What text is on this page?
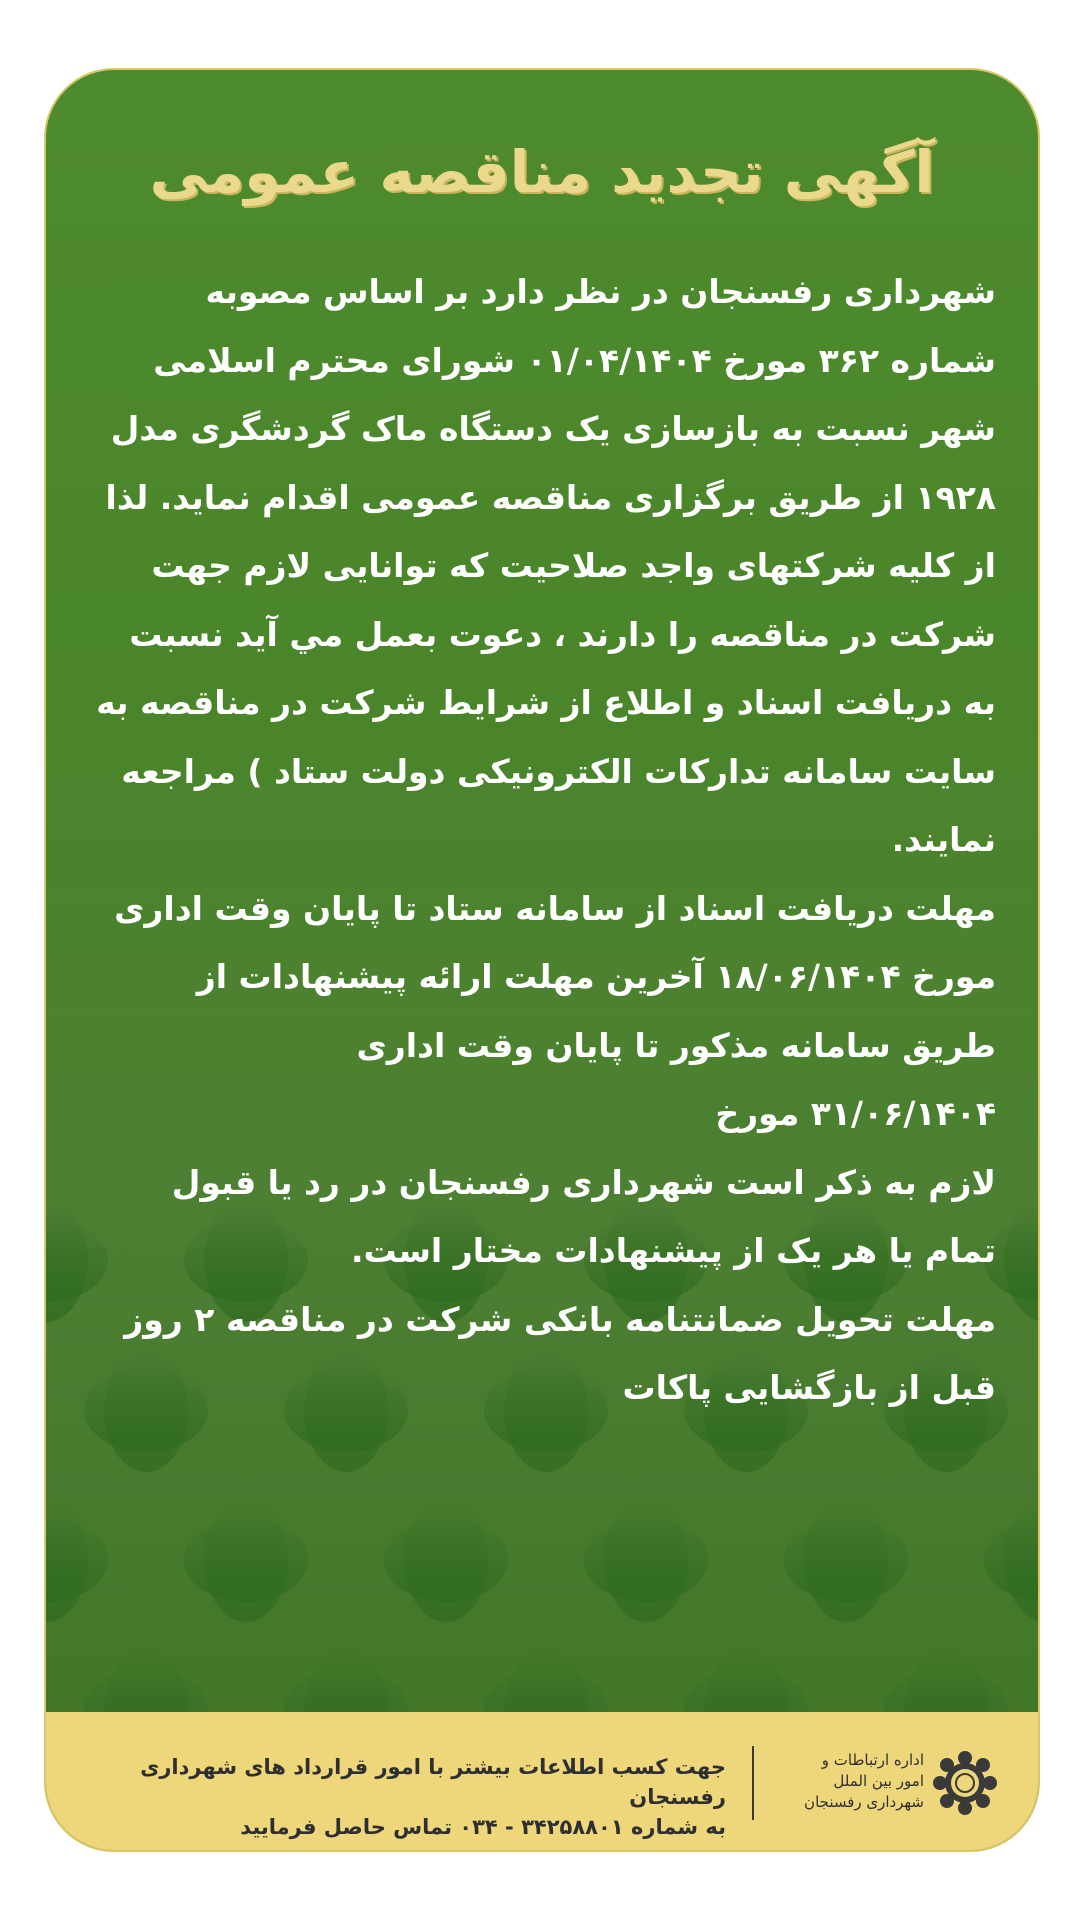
آگهی تجدید مناقصه عمومی

شهرداری رفسنجان در نظر دارد بر اساس مصوبه شماره ۳۶۲ مورخ ۰۱/۰۴/۱۴۰۴ شورای محترم اسلامی شهر نسبت به بازسازی یک دستگاه ماک گردشگری مدل ۱۹۲۸ از طریق برگزاری مناقصه عمومی اقدام نماید. لذا از کلیه شرکتهای واجد صلاحیت که توانایی لازم جهت شرکت در مناقصه را دارند ، دعوت بعمل مي آيد نسبت به دریافت اسناد و اطلاع از شرایط شرکت در مناقصه به سایت سامانه تدارکات الکترونیکی دولت ستاد ) مراجعه نمایند.

مهلت دریافت اسناد از سامانه ستاد تا پایان وقت اداری مورخ ۱۸/۰۶/۱۴۰۴ آخرین مهلت ارائه پیشنهادات از طریق سامانه مذکور تا پایان وقت اداری

۳۱/۰۶/۱۴۰۴ مورخ

لازم به ذکر است شهرداری رفسنجان در رد یا قبول تمام یا هر یک از پیشنهادات مختار است.

مهلت تحویل ضمانتنامه بانکی شرکت در مناقصه ۲ روز قبل از بازگشایی پاکات

جهت کسب اطلاعات بیشتر با امور قرارداد های شهرداری رفسنجان
به شماره ۳۴۲۵۸۸۰۱ - ۰۳۴ تماس حاصل فرمایید
اداره ارتباطات و
امور بین الملل
شهرداری رفسنجان
